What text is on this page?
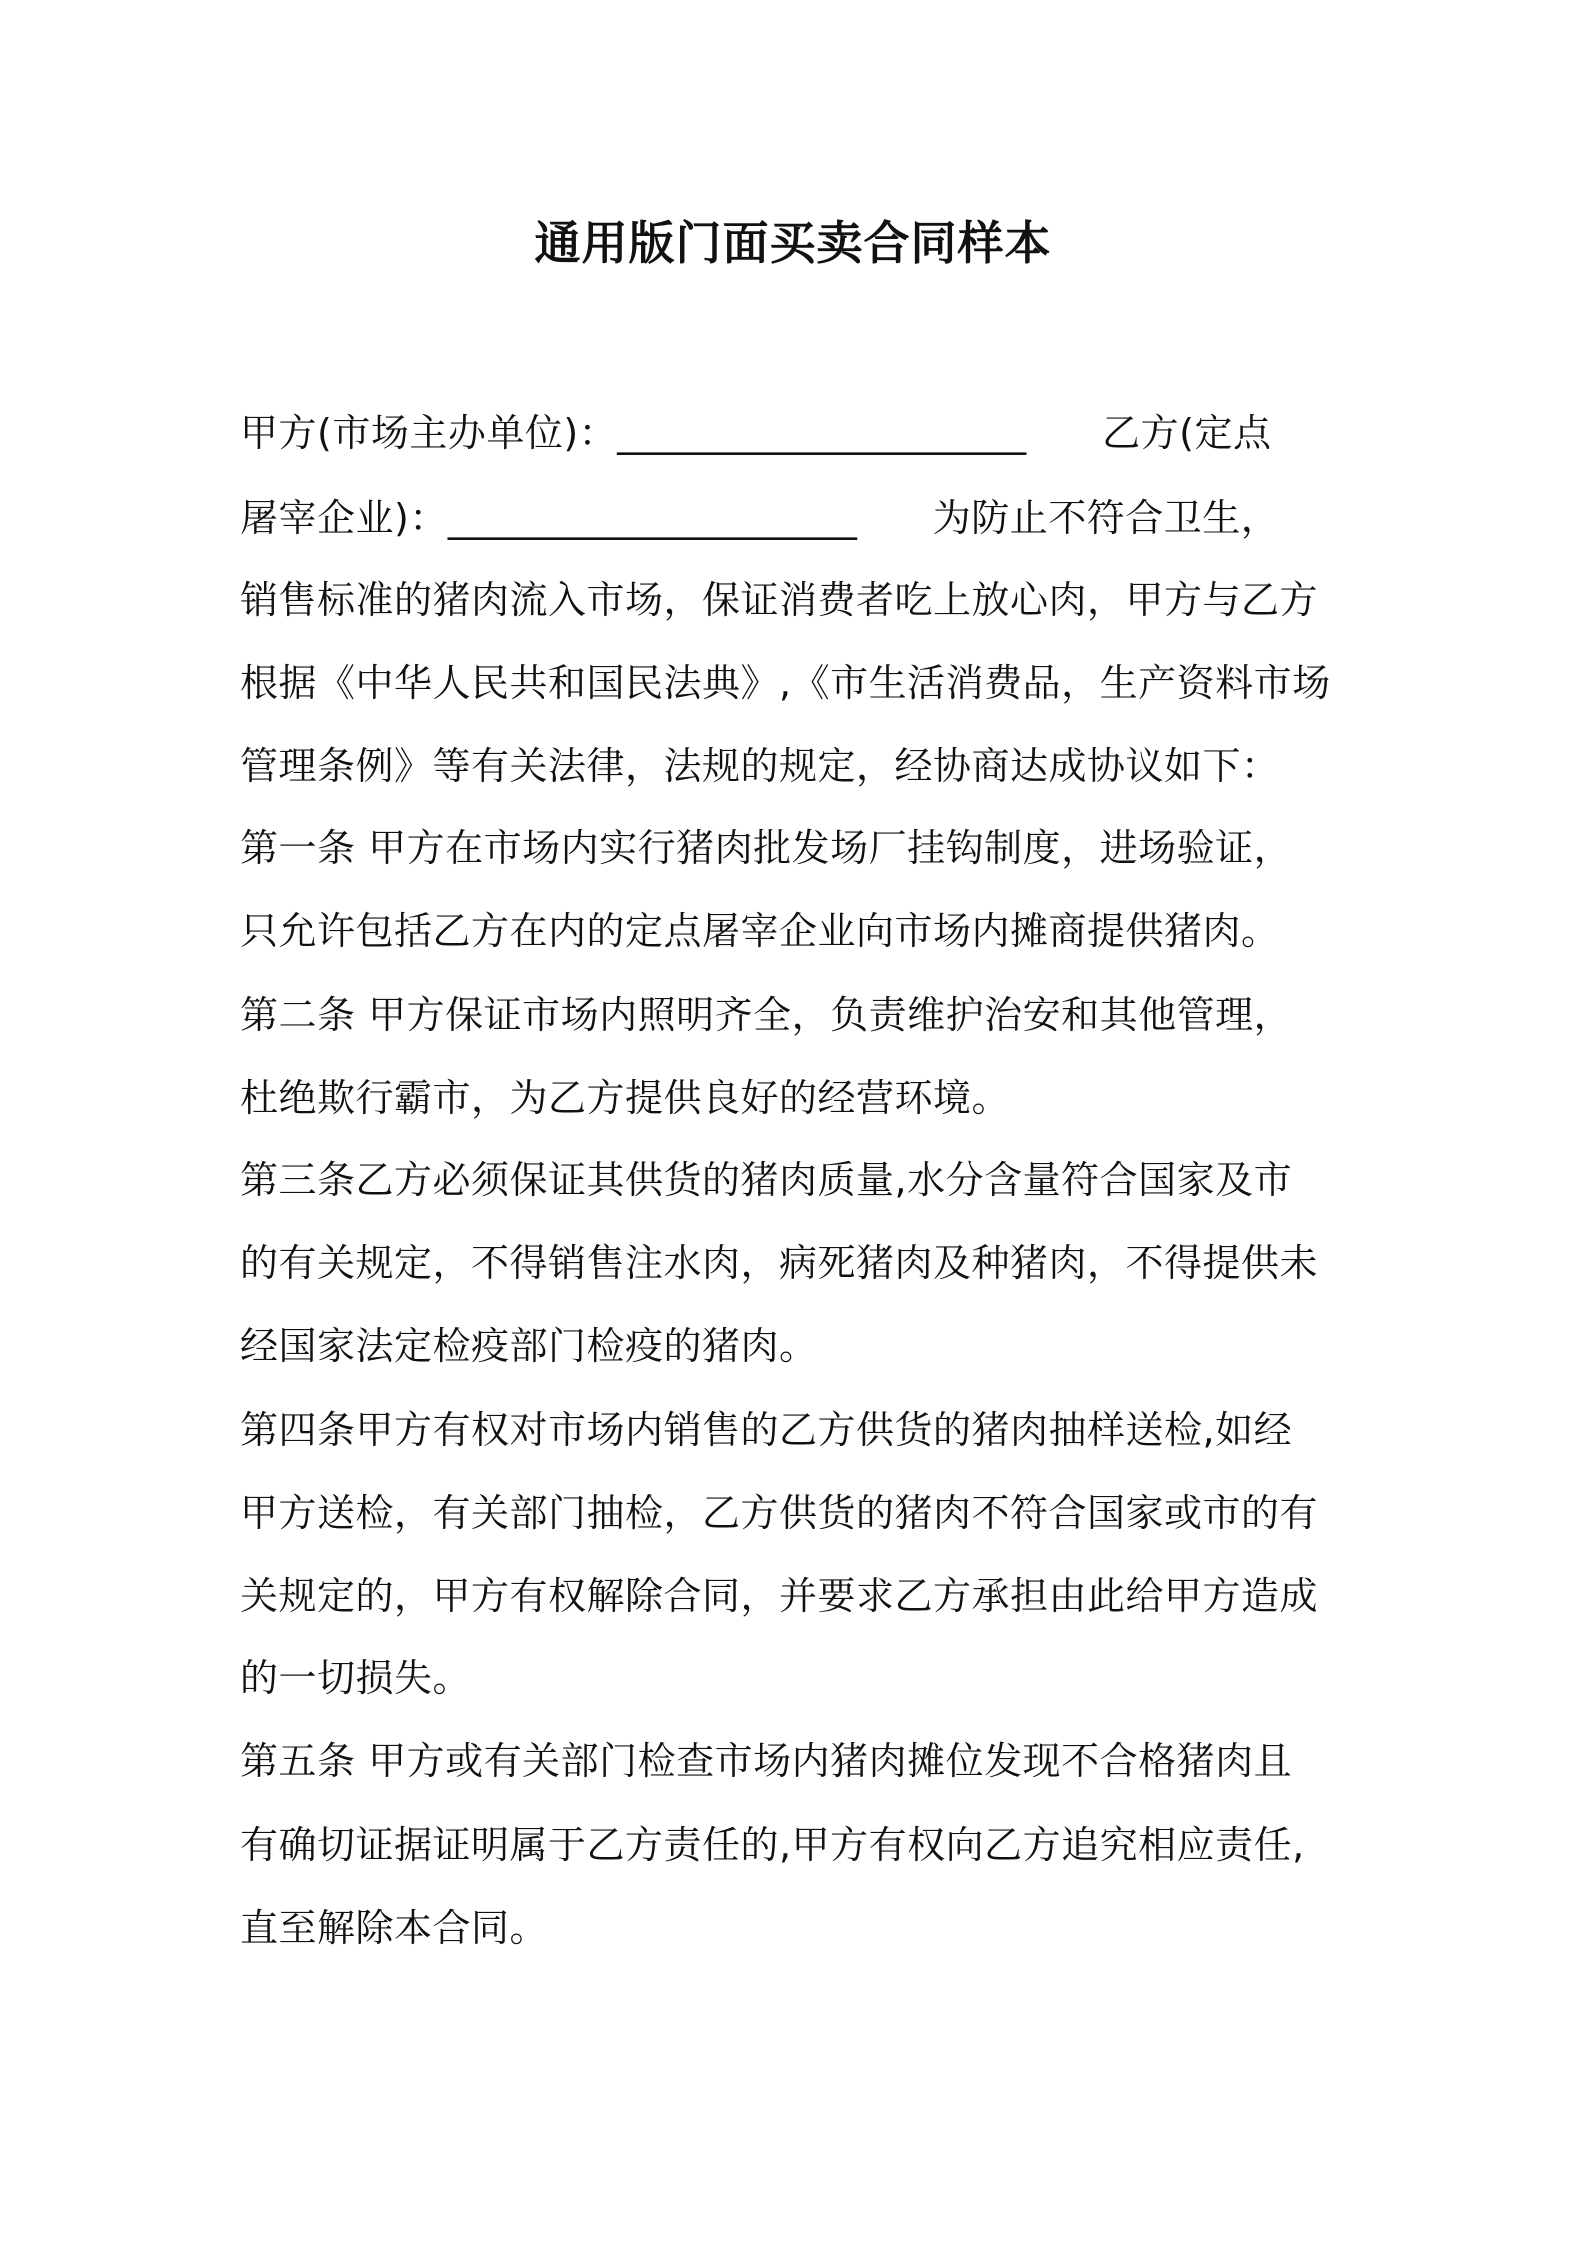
通用版门面买卖合同样本
甲方(市场主办单位)：_____________________      乙方(定点
屠宰企业)：_____________________      为防止不符合卫生，
销售标准的猪肉流入市场，保证消费者吃上放心肉，甲方与乙方
根据《中华人民共和国民法典》,《市生活消费品，生产资料市场
管理条例》等有关法律，法规的规定，经协商达成协议如下：
第一条 甲方在市场内实行猪肉批发场厂挂钩制度，进场验证，
只允许包括乙方在内的定点屠宰企业向市场内摊商提供猪肉。
第二条 甲方保证市场内照明齐全，负责维护治安和其他管理，
杜绝欺行霸市，为乙方提供良好的经营环境。
第三条乙方必须保证其供货的猪肉质量,水分含量符合国家及市
的有关规定，不得销售注水肉，病死猪肉及种猪肉，不得提供未
经国家法定检疫部门检疫的猪肉。
第四条甲方有权对市场内销售的乙方供货的猪肉抽样送检,如经
甲方送检，有关部门抽检，乙方供货的猪肉不符合国家或市的有
关规定的，甲方有权解除合同，并要求乙方承担由此给甲方造成
的一切损失。
第五条 甲方或有关部门检查市场内猪肉摊位发现不合格猪肉且
有确切证据证明属于乙方责任的,甲方有权向乙方追究相应责任,
直至解除本合同。
